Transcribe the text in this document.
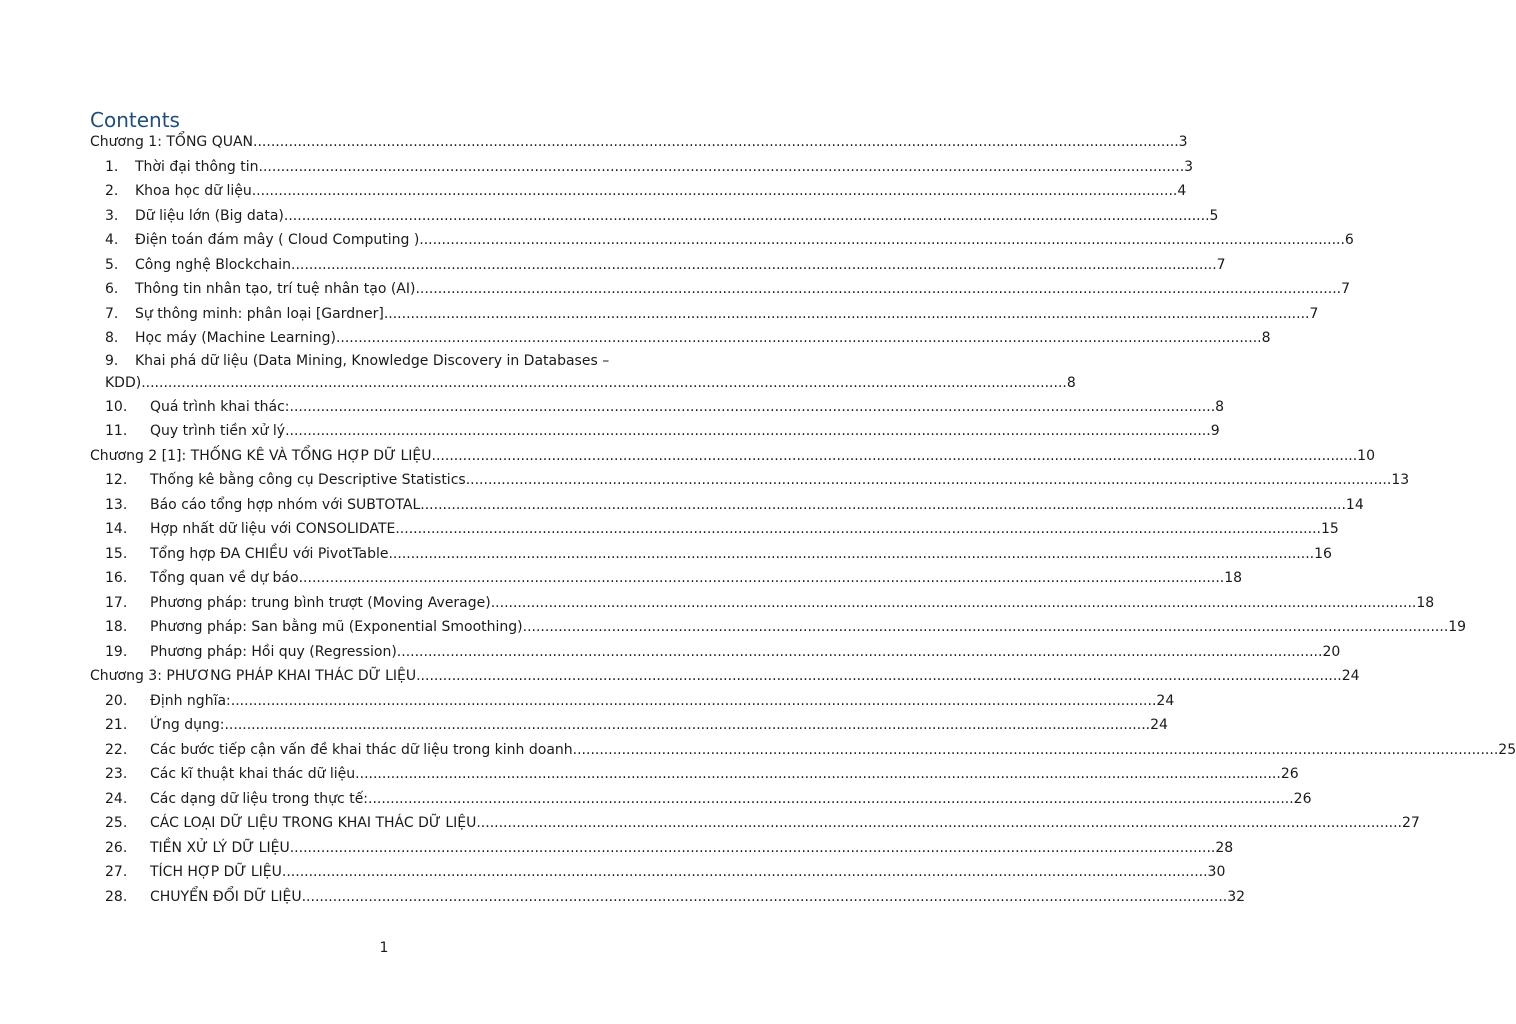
Contents
Chương 1: TỔNG QUAN .....	3
1.	Thời đại thông tin .....	3
2.	Khoa học dữ liệu .....	4
3.	Dữ liệu lớn (Big data) .....	5
4.	Điện toán đám mây ( Cloud Computing ) .....	6
5.	Công nghệ Blockchain .....	7
6.	Thông tin nhân tạo, trí tuệ nhân tạo (AI) .....	7
7.	Sự thông minh: phân loại [Gardner] .....	7
8.	Học máy (Machine Learning) .....	8
9. Khai phá dữ liệu (Data Mining, Knowledge Discovery in Databases –
KDD) .....	8
10.	Quá trình khai thác: .....	8
11.	Quy trình tiền xử lý .....	9
Chương 2 [1]: THỐNG KÊ VÀ TỔNG HỢP DỮ LIỆU .....	10
12.	Thống kê bằng công cụ Descriptive Statistics .....	13
13.	Báo cáo tổng hợp nhóm với SUBTOTAL .....	14
14.	Hợp nhất dữ liệu với CONSOLIDATE .....	15
15.	Tổng hợp ĐA CHIỀU với PivotTable .....	16
16.	Tổng quan về dự báo .....	18
17.	Phương pháp: trung bình trượt (Moving Average) .....	18
18.	Phương pháp: San bằng mũ (Exponential Smoothing) .....	19
19.	Phương pháp: Hồi quy (Regression) .....	20
Chương 3: PHƯƠNG PHÁP KHAI THÁC DỮ LIỆU .....	24
20.	Định nghĩa: .....	24
21.	Ứng dụng: .....	24
22.	Các bước tiếp cận vấn đề khai thác dữ liệu trong kinh doanh .....	25
23.	Các kĩ thuật khai thác dữ liệu .....	26
24.	Các dạng dữ liệu trong thực tế: .....	26
25.	CÁC LOẠI DỮ LIỆU TRONG KHAI THÁC DỮ LIỆU .....	27
26.	TIỀN XỬ LÝ DỮ LIỆU .....	28
27.	TÍCH HỢP DỮ LIỆU .....	30
28.	CHUYỂN ĐỔI DỮ LIỆU .....	32
1
